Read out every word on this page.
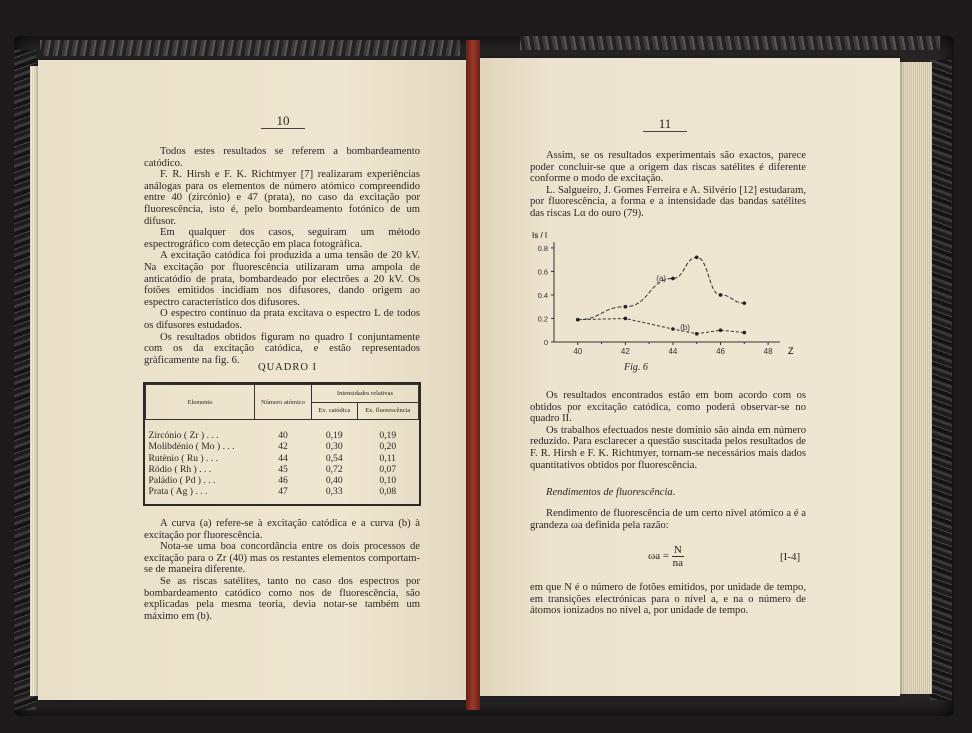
10

Todos estes resultados se referem a bombardeamento catódico.

F. R. Hirsh e F. K. Richtmyer [7] realizaram experiências análogas para os elementos de número atómico compreendido entre 40 (zircónio) e 47 (prata), no caso da excitação por fluorescência, isto é, pelo bombardeamento fotónico de um difusor.

Em qualquer dos casos, seguiram um método espectrográfico com detecção em placa fotográfica.

A excitação catódica foi produzida a uma tensão de 20 kV. Na excitação por fluorescência utilizaram uma ampola de anticatódio de prata, bombardeado por electrões a 20 kV. Os fotões emitidos incidiam nos difusores, dando origem ao espectro característico dos difusores.

O espectro contínuo da prata excitava o espectro L de todos os difusores estudados.

Os resultados obtidos figuram no quadro I conjuntamente com os da excitação catódica, e estão representados gràficamente na fig. 6.

QUADRO I
Elemento	Número atómico	Intensidades relativas	
		Ex. catódica	Ex. fluorescência

Zircónio ( Zr ) . . .	40	0,19	0,19
Molibdénio ( Mo ) . . .	42	0,30	0,20
Rutènio ( Ru ) . . .	44	0,54	0,11
Ródio ( Rh ) . . .	45	0,72	0,07
Paládio ( Pd ) . . .	46	0,40	0,10
Prata ( Ag ) . . .	47	0,33	0,08

A curva (a) refere-se à excitação catódica e a curva (b) à excitação por fluorescência.

Nota-se uma boa concordância entre os dois processos de excitação para o Zr (40) mas os restantes elementos comportam-se de maneira diferente.

Se as riscas satélites, tanto no caso dos espectros por bombardeamento catódico como nos de fluorescência, são explicadas pela mesma teoria, devia notar-se também um máximo em (b).

11

Assim, se os resultados experimentais são exactos, parece poder concluir-se que a origem das riscas satélites é diferente conforme o modo de excitação.

L. Salgueiro, J. Gomes Ferreira e A. Silvério [12] estudaram, por fluorescência, a forma e a intensidade das bandas satélites das riscas Lα do ouro (79).

Is / I
Z
0
0.2
0.4
0.6
0.8
40	42	44	46	48
(a)
(b)
Fig. 6

Os resultados encontrados estão em bom acordo com os obtidos por excitação catódica, como poderá observar-se no quadro II.

Os trabalhos efectuados neste domínio são ainda em número reduzido. Para esclarecer a questão suscitada pelos resultados de F. R. Hirsh e F. K. Richtmyer, tornam-se necessários mais dados quantitativos obtidos por fluorescência.

Rendimentos de fluorescência.

Rendimento de fluorescência de um certo nível atómico a é a grandeza ωa definida pela razão:

$\omega a = \frac{N}{na}$	[I-4]

em que N é o número de fotões emitidos, por unidade de tempo, em transições electrónicas para o nível a, e na o número de átomos ionizados no nível a, por unidade de tempo.
